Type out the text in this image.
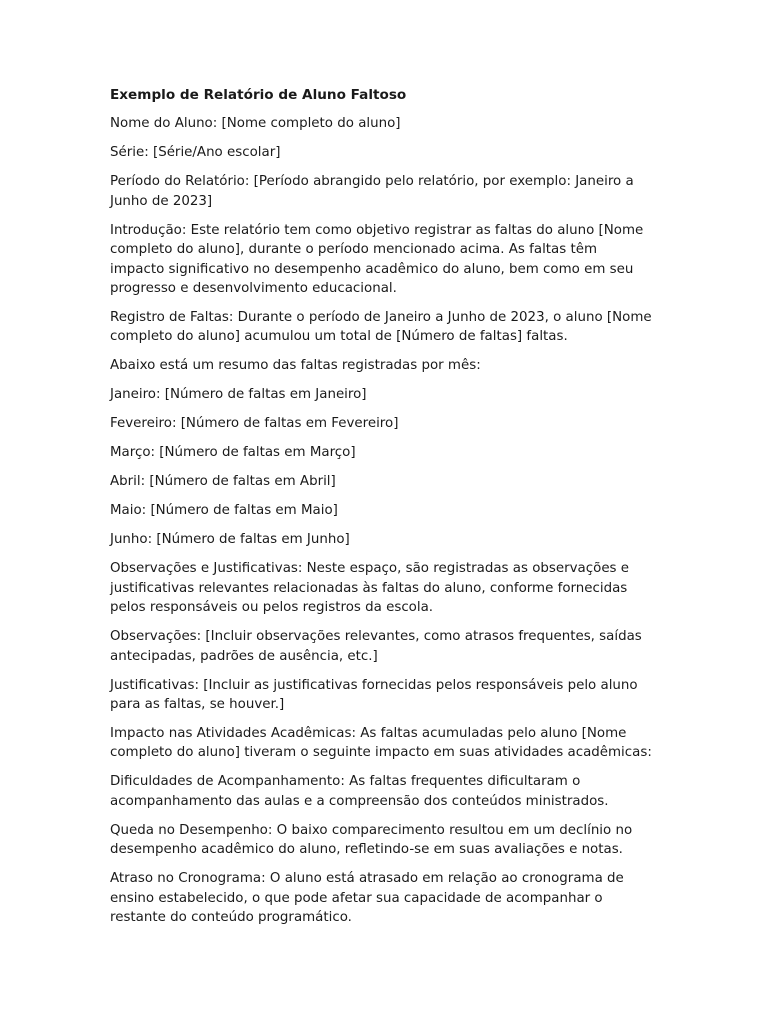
Exemplo de Relatório de Aluno Faltoso

Nome do Aluno: [Nome completo do aluno]

Série: [Série/Ano escolar]

Período do Relatório: [Período abrangido pelo relatório, por exemplo: Janeiro a Junho de 2023]

Introdução: Este relatório tem como objetivo registrar as faltas do aluno [Nome completo do aluno], durante o período mencionado acima. As faltas têm impacto significativo no desempenho acadêmico do aluno, bem como em seu progresso e desenvolvimento educacional.

Registro de Faltas: Durante o período de Janeiro a Junho de 2023, o aluno [Nome completo do aluno] acumulou um total de [Número de faltas] faltas.

Abaixo está um resumo das faltas registradas por mês:

Janeiro: [Número de faltas em Janeiro]

Fevereiro: [Número de faltas em Fevereiro]

Março: [Número de faltas em Março]

Abril: [Número de faltas em Abril]

Maio: [Número de faltas em Maio]

Junho: [Número de faltas em Junho]

Observações e Justificativas: Neste espaço, são registradas as observações e justificativas relevantes relacionadas às faltas do aluno, conforme fornecidas pelos responsáveis ou pelos registros da escola.

Observações: [Incluir observações relevantes, como atrasos frequentes, saídas antecipadas, padrões de ausência, etc.]

Justificativas: [Incluir as justificativas fornecidas pelos responsáveis pelo aluno para as faltas, se houver.]

Impacto nas Atividades Acadêmicas: As faltas acumuladas pelo aluno [Nome completo do aluno] tiveram o seguinte impacto em suas atividades acadêmicas:

Dificuldades de Acompanhamento: As faltas frequentes dificultaram o acompanhamento das aulas e a compreensão dos conteúdos ministrados.

Queda no Desempenho: O baixo comparecimento resultou em um declínio no desempenho acadêmico do aluno, refletindo-se em suas avaliações e notas.

Atraso no Cronograma: O aluno está atrasado em relação ao cronograma de ensino estabelecido, o que pode afetar sua capacidade de acompanhar o restante do conteúdo programático.
